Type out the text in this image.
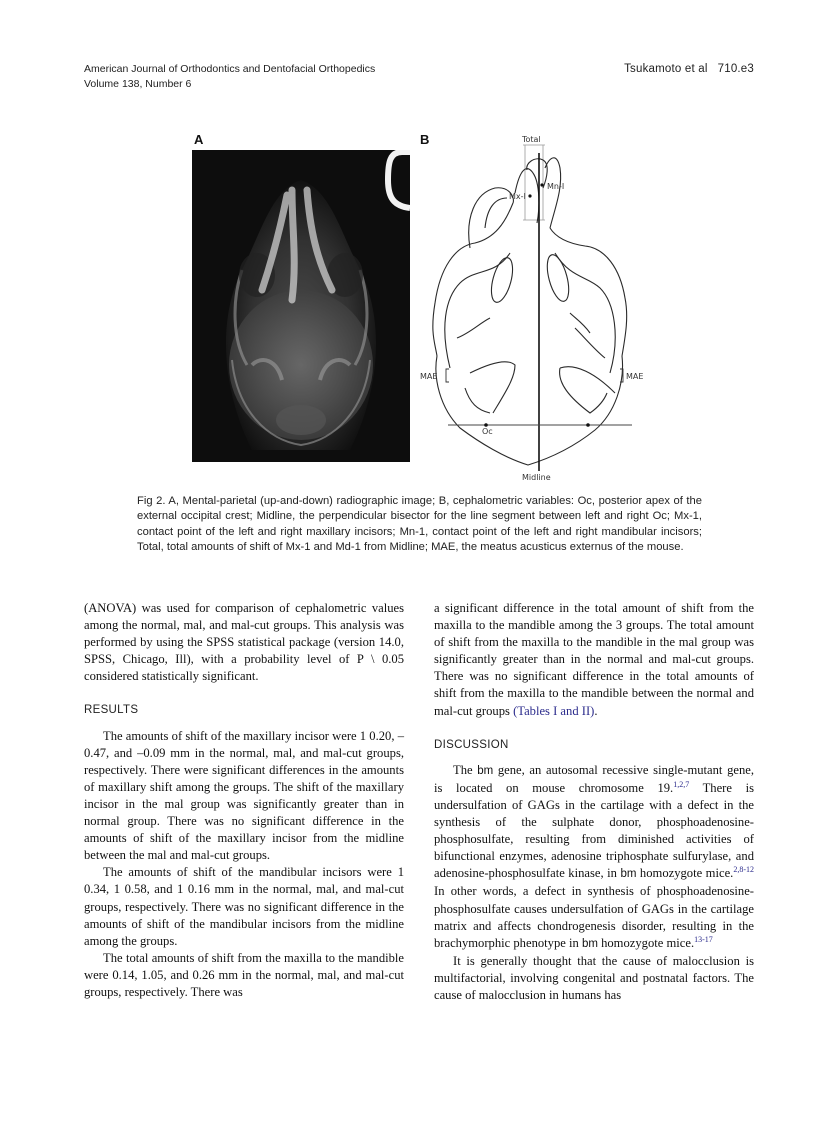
American Journal of Orthodontics and Dentofacial Orthopedics
Volume 138, Number 6
Tsukamoto et al 710.e3
A	B	Total
Mx-I
Mn-I
MAE	MAE
Oc
Midline
Fig 2. A, Mental-parietal (up-and-down) radiographic image; B, cephalometric variables: Oc, posterior apex of the external occipital crest; Midline, the perpendicular bisector for the line segment between left and right Oc; Mx-1, contact point of the left and right maxillary incisors; Mn-1, contact point of the left and right mandibular incisors; Total, total amounts of shift of Mx-1 and Md-1 from Midline; MAE, the meatus acusticus externus of the mouse.

(ANOVA) was used for comparison of cephalometric values among the normal, mal, and mal-cut groups. This analysis was performed by using the SPSS statistical package (version 14.0, SPSS, Chicago, Ill), with a probability level of P \ 0.05 considered statistically significant.

RESULTS

The amounts of shift of the maxillary incisor were 1 0.20, –0.47, and –0.09 mm in the normal, mal, and mal-cut groups, respectively. There were significant differences in the amounts of maxillary shift among the groups. The shift of the maxillary incisor in the mal group was significantly greater than in normal group. There was no significant difference in the amounts of shift of the maxillary incisor from the midline between the mal and mal-cut groups.

The amounts of shift of the mandibular incisors were 1 0.34, 1 0.58, and 1 0.16 mm in the normal, mal, and mal-cut groups, respectively. There was no significant difference in the amounts of shift of the mandibular incisors from the midline among the groups.

The total amounts of shift from the maxilla to the mandible were 0.14, 1.05, and 0.26 mm in the normal, mal, and mal-cut groups, respectively. There was

a significant difference in the total amount of shift from the maxilla to the mandible among the 3 groups. The total amount of shift from the maxilla to the mandible in the mal group was significantly greater than in the normal and mal-cut groups. There was no significant difference in the total amounts of shift from the maxilla to the mandible between the normal and mal-cut groups (Tables I and II).

DISCUSSION

The bm gene, an autosomal recessive single-mutant gene, is located on mouse chromosome 19.$^{1,2,7}$ There is undersulfation of GAGs in the cartilage with a defect in the synthesis of the sulphate donor, phosphoadenosine-phosphosulfate, resulting from diminished activities of bifunctional enzymes, adenosine triphosphate sulfurylase, and adenosine-phosphosulfate kinase, in bm homozygote mice.$^{2,8-12}$ In other words, a defect in synthesis of phosphoadenosine-phosphosulfate causes undersulfation of GAGs in the cartilage matrix and affects chondrogenesis disorder, resulting in the brachymorphic phenotype in bm homozygote mice.$^{13-17}$

It is generally thought that the cause of malocclusion is multifactorial, involving congenital and postnatal factors. The cause of malocclusion in humans has
